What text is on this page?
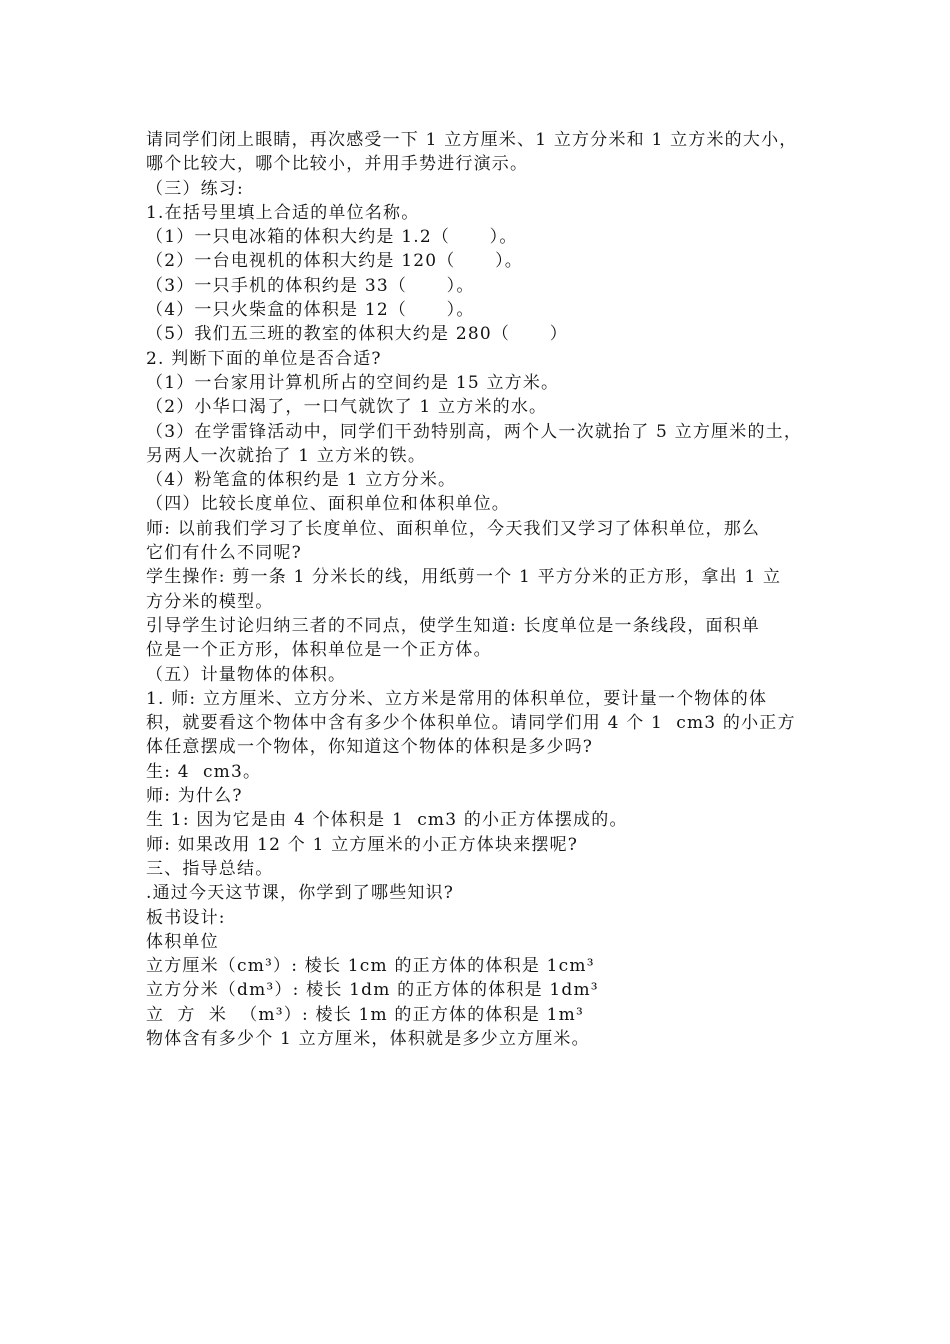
请同学们闭上眼睛，再次感受一下 1 立方厘米、1 立方分米和 1 立方米的大小，
哪个比较大，哪个比较小，并用手势进行演示。
（三）练习:
1.在括号里填上合适的单位名称。
（1）一只电冰箱的体积大约是 1.2（      ）。
（2）一台电视机的体积大约是 120（      ）。
（3）一只手机的体积约是 33（      ）。
（4）一只火柴盒的体积是 12（      ）。
（5）我们五三班的教室的体积大约是 280（      ）
2. 判断下面的单位是否合适?
（1）一台家用计算机所占的空间约是 15 立方米。
（2）小华口渴了，一口气就饮了 1 立方米的水。
（3）在学雷锋活动中，同学们干劲特别高，两个人一次就抬了 5 立方厘米的土，
另两人一次就抬了 1 立方米的铁。
（4）粉笔盒的体积约是 1 立方分米。
（四）比较长度单位、面积单位和体积单位。
师: 以前我们学习了长度单位、面积单位，今天我们又学习了体积单位，那么
它们有什么不同呢?
学生操作: 剪一条 1 分米长的线，用纸剪一个 1 平方分米的正方形，拿出 1 立
方分米的模型。
引导学生讨论归纳三者的不同点，使学生知道: 长度单位是一条线段，面积单
位是一个正方形，体积单位是一个正方体。
（五）计量物体的体积。
1. 师: 立方厘米、立方分米、立方米是常用的体积单位，要计量一个物体的体
积，就要看这个物体中含有多少个体积单位。请同学们用 4 个 1  cm3 的小正方
体任意摆成一个物体，你知道这个物体的体积是多少吗?
生: 4  cm3。
师: 为什么?
生 1: 因为它是由 4 个体积是 1  cm3 的小正方体摆成的。
师: 如果改用 12 个 1 立方厘米的小正方体块来摆呢?
三、指导总结。
.通过今天这节课，你学到了哪些知识?
板书设计:
体积单位
立方厘米（cm³）: 棱长 1cm 的正方体的体积是 1cm³
立方分米（dm³）: 棱长 1dm 的正方体的体积是 1dm³
立  方  米  （m³）: 棱长 1m 的正方体的体积是 1m³
物体含有多少个 1 立方厘米，体积就是多少立方厘米。
